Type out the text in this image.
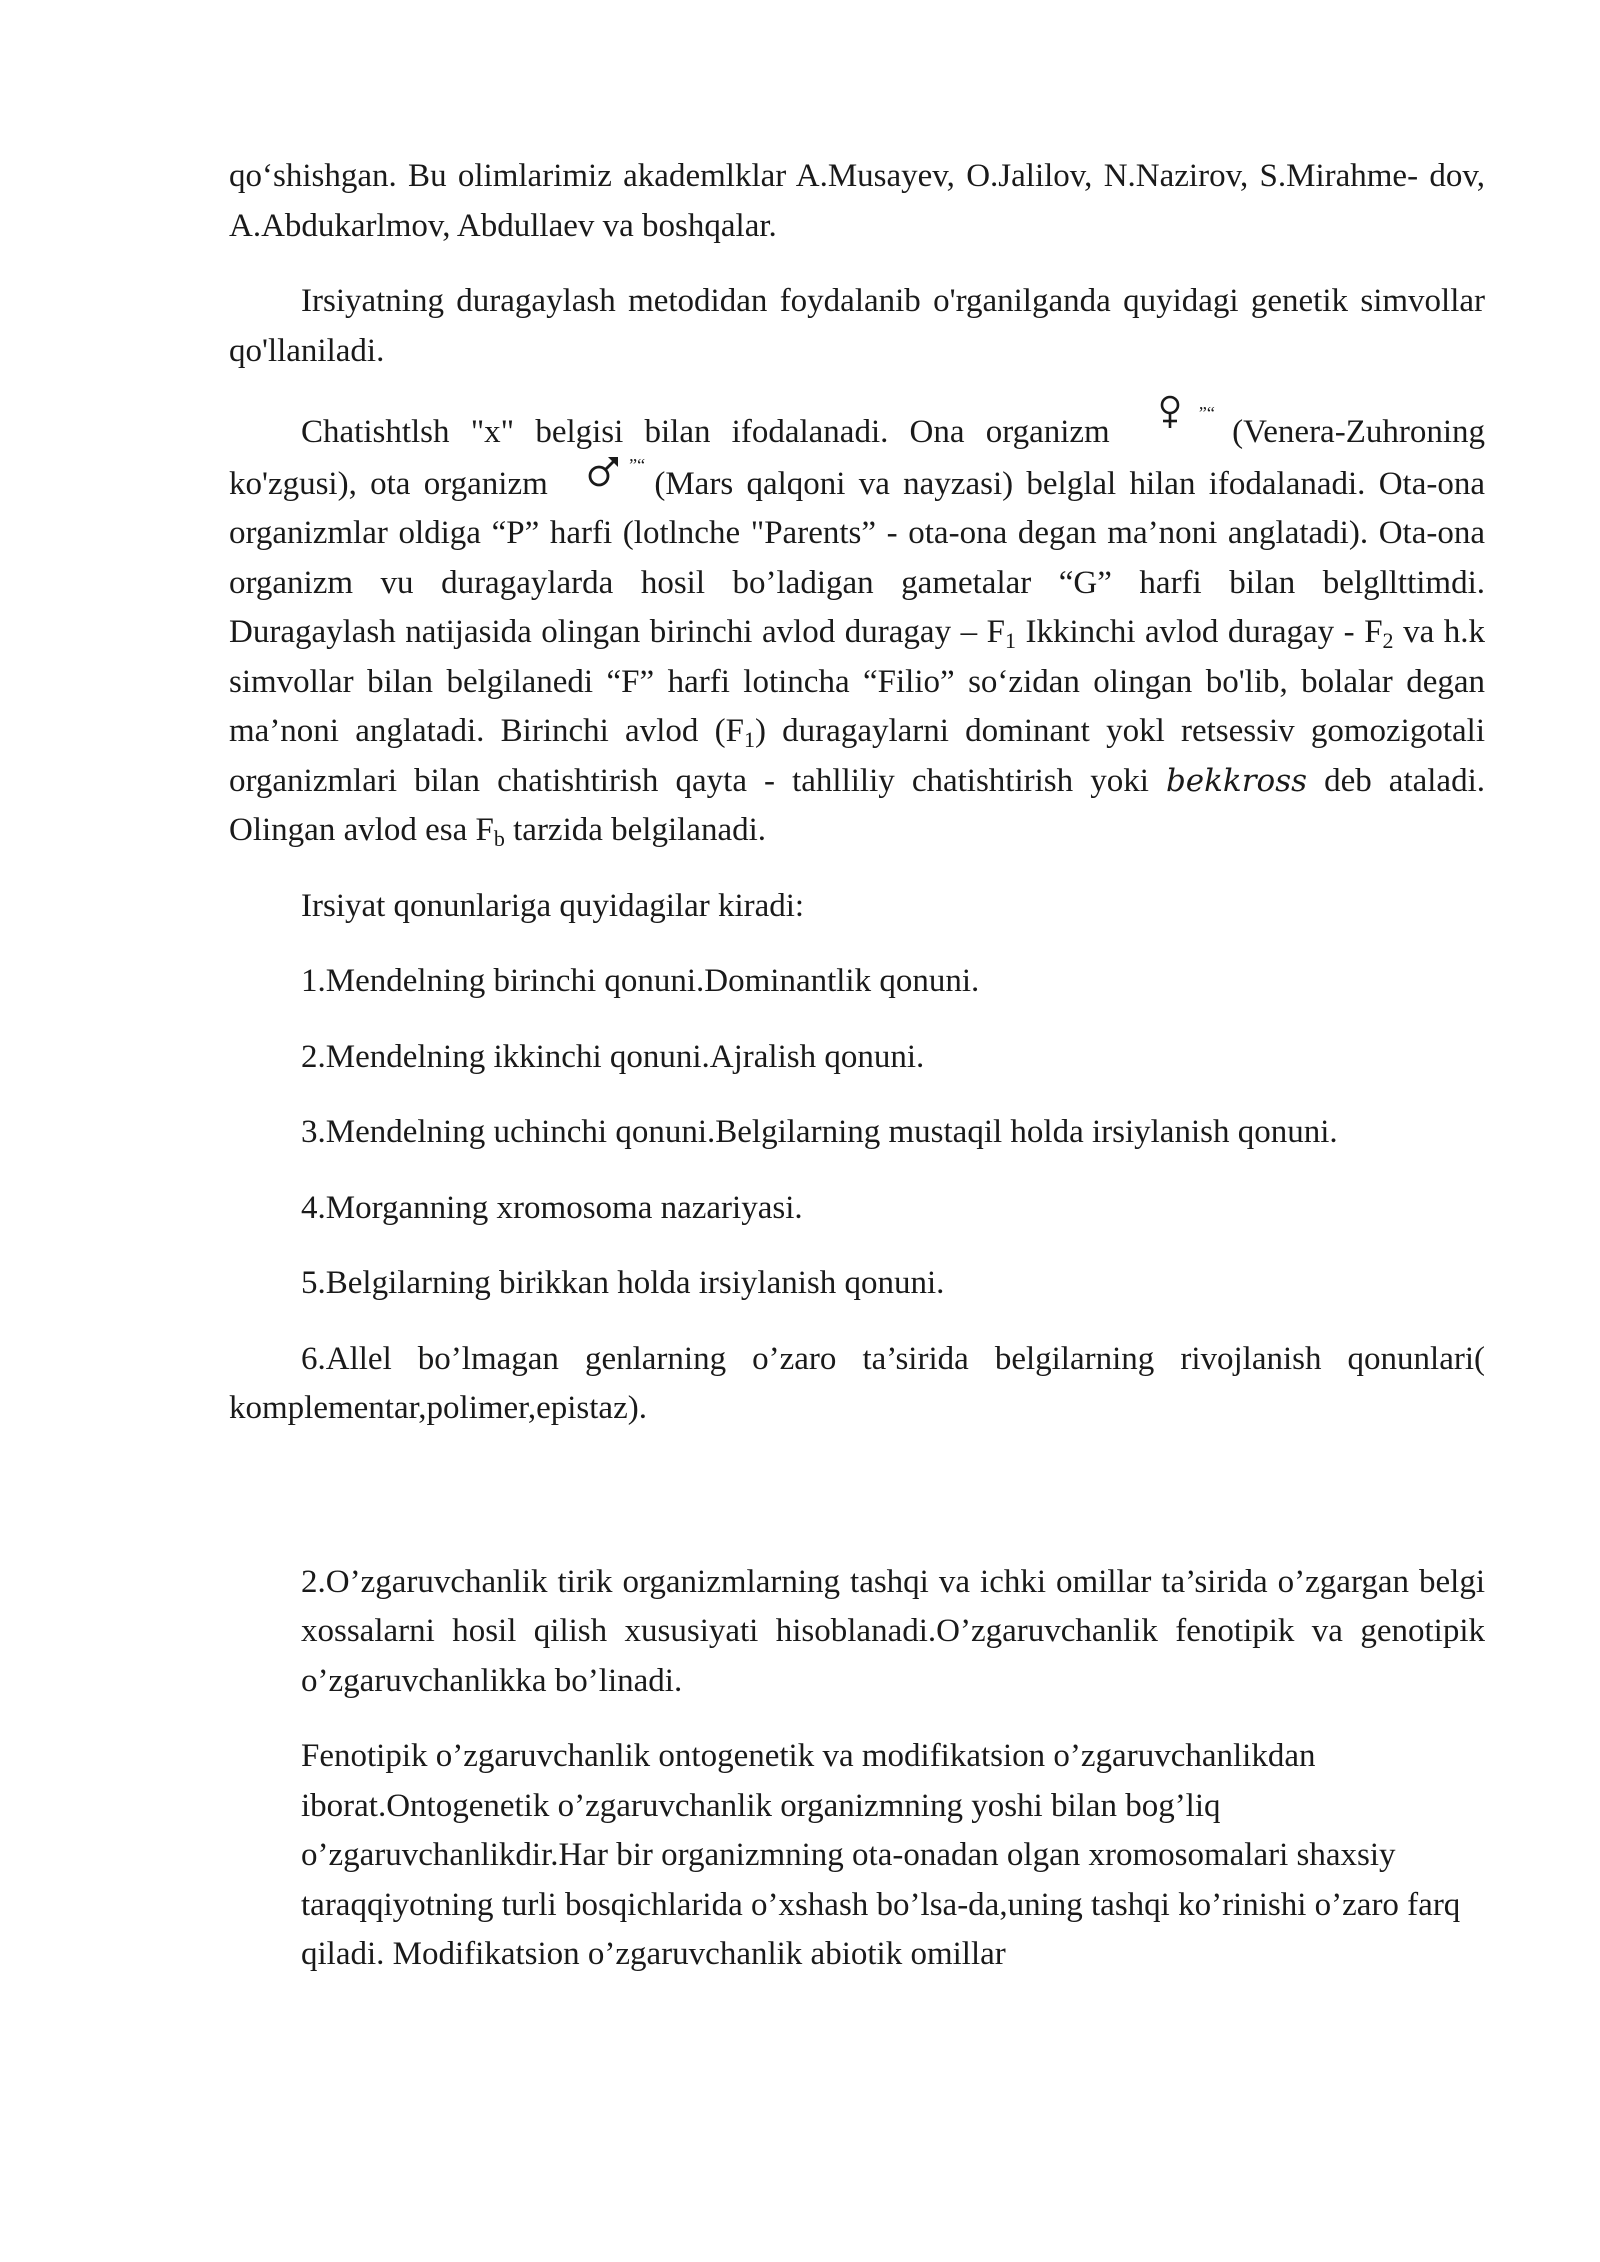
qo‘shishgan. Bu olimlarimiz akademlklar A.Musayev, O.Jalilov, N.Nazirov, S.Mirahme- dov, A.Abdukarlmov, Abdullaev va boshqalar.

Irsiyatning duragaylash metodidan foydalanib o'rganilganda quyidagi genetik simvollar qo'llaniladi.

Chatishtlsh "x" belgisi bilan ifodalanadi. Ona organizm
“
”
(Venera-Zuhroning ko'zgusi), ota organizm
“
”
(Mars qalqoni va nayzasi) belglal hilan ifodalanadi. Ota-ona organizmlar oldiga “P” harfi (lotlnche "Parents” - ota-ona degan ma’noni anglatadi). Ota-ona organizm vu duragaylarda hosil bo’ladigan gametalar “G” harfi bilan belgllttimdi. Duragaylash natijasida olingan birinchi avlod duragay – $F_1$ Ikkinchi avlod duragay - $F_2$ va h.k simvollar bilan belgilanedi “F” harfi lotincha “Filio” so‘zidan olingan bo'lib, bolalar degan ma’noni anglatadi. Birinchi avlod $(F_1)$ duragaylarni dominant yokl retsessiv gomozigotali organizmlari bilan chatishtirish qayta - tahlliliy chatishtirish yoki bekkross deb ataladi. Olingan avlod esa $F_b$ tarzida belgilanadi.

Irsiyat qonunlariga quyidagilar kiradi:

1.Mendelning birinchi qonuni.Dominantlik qonuni.

2.Mendelning ikkinchi qonuni.Ajralish qonuni.

3.Mendelning uchinchi qonuni.Belgilarning mustaqil holda irsiylanish qonuni.

4.Morganning xromosoma nazariyasi.

5.Belgilarning birikkan holda irsiylanish qonuni.

6.Allel bo’lmagan genlarning o’zaro ta’sirida belgilarning rivojlanish qonunlari( komplementar,polimer,epistaz).

2.O’zgaruvchanlik tirik organizmlarning tashqi va ichki omillar ta’sirida o’zgargan belgi xossalarni hosil qilish xususiyati hisoblanadi.O’zgaruvchanlik fenotipik va genotipik o’zgaruvchanlikka bo’linadi.

Fenotipik o’zgaruvchanlik ontogenetik va modifikatsion o’zgaruvchanlikdan iborat.Ontogenetik o’zgaruvchanlik organizmning yoshi bilan bog’liq o’zgaruvchanlikdir.Har bir organizmning ota-onadan olgan xromosomalari shaxsiy taraqqiyotning turli bosqichlarida o’xshash bo’lsa-da,uning tashqi ko’rinishi o’zaro farq qiladi. Modifikatsion o’zgaruvchanlik abiotik omillar
